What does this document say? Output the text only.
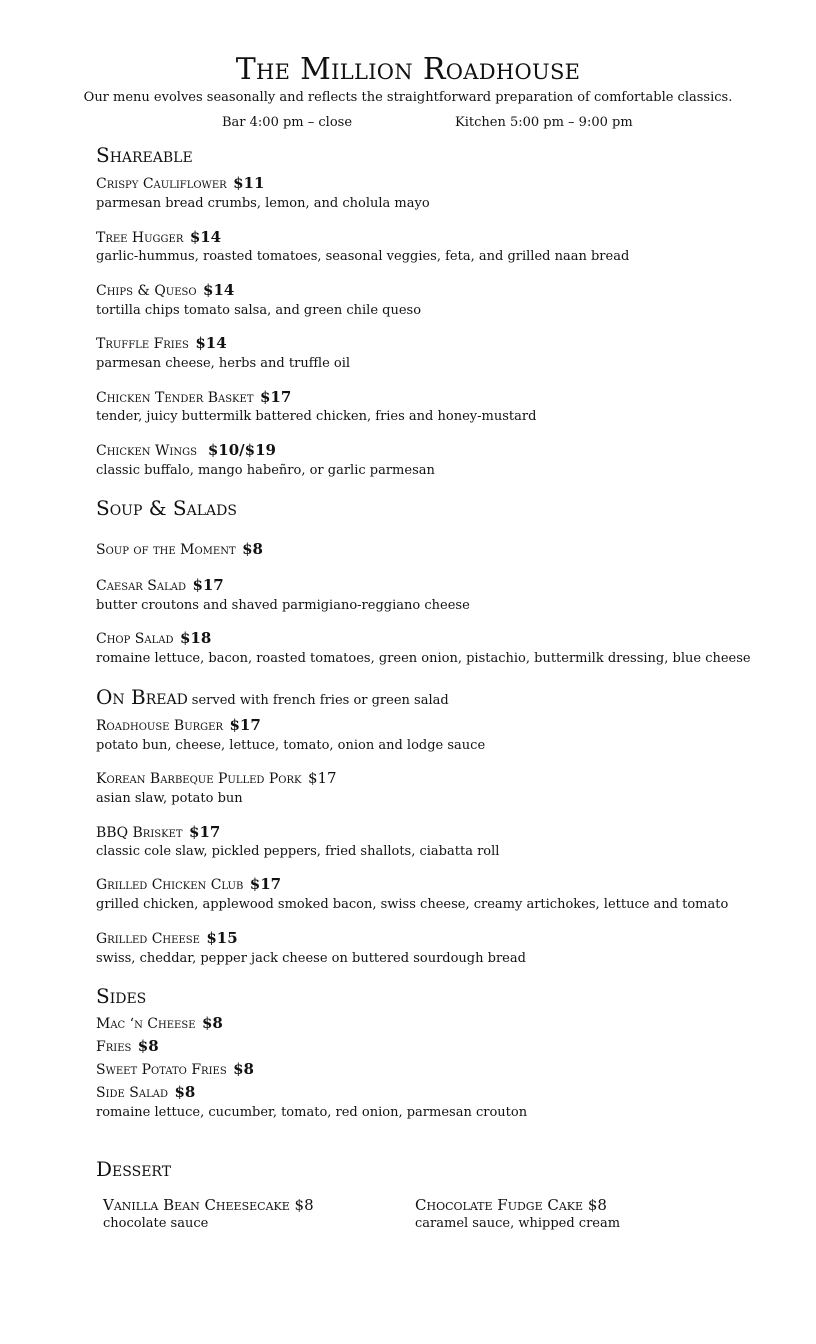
The Million Roadhouse
Our menu evolves seasonally and reflects the straightforward preparation of comfortable classics.
Bar 4:00 pm – close	Kitchen 5:00 pm – 9:00 pm
Shareable
Crispy Cauliflower $11
parmesan bread crumbs, lemon, and cholula mayo
Tree Hugger $14
garlic-hummus, roasted tomatoes, seasonal veggies, feta, and grilled naan bread
Chips & Queso $14
tortilla chips tomato salsa, and green chile queso
Truffle Fries $14
parmesan cheese, herbs and truffle oil
Chicken Tender Basket $17
tender, juicy buttermilk battered chicken, fries and honey-mustard
Chicken Wings $10/$19
classic buffalo, mango habeñro, or garlic parmesan
Soup & Salads
Soup of the Moment $8
Caesar Salad $17
butter croutons and shaved parmigiano-reggiano cheese
Chop Salad $18
romaine lettuce, bacon, roasted tomatoes, green onion, pistachio, buttermilk dressing, blue cheese
On Bread served with french fries or green salad
Roadhouse Burger $17
potato bun, cheese, lettuce, tomato, onion and lodge sauce
Korean Barbeque Pulled Pork $17
asian slaw, potato bun
BBQ Brisket $17
classic cole slaw, pickled peppers, fried shallots, ciabatta roll
Grilled Chicken Club $17
grilled chicken, applewood smoked bacon, swiss cheese, creamy artichokes, lettuce and tomato
Grilled Cheese $15
swiss, cheddar, pepper jack cheese on buttered sourdough bread
Sides
Mac ‘n Cheese $8
Fries $8
Sweet Potato Fries $8
Side Salad $8
romaine lettuce, cucumber, tomato, red onion, parmesan crouton
Dessert
Vanilla Bean Cheesecake $8
chocolate sauce
Chocolate Fudge Cake $8
caramel sauce, whipped cream
